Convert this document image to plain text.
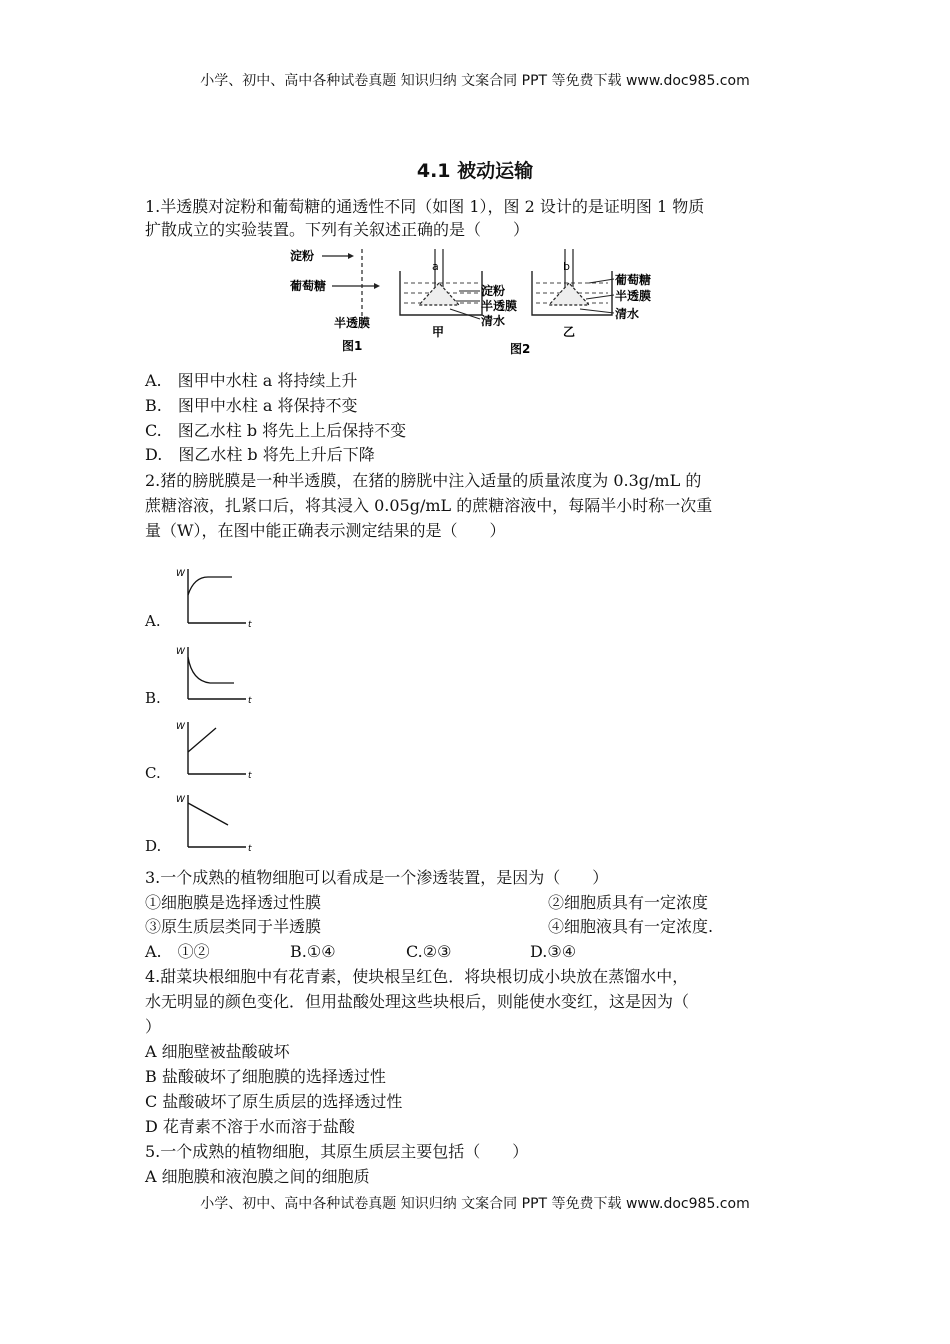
小学、初中、高中各种试卷真题 知识归纳 文案合同 PPT 等免费下载 www.doc985.com
小学、初中、高中各种试卷真题 知识归纳 文案合同 PPT 等免费下载 www.doc985.com
4.1 被动运输
1.半透膜对淀粉和葡萄糖的通透性不同（如图 1），图 2 设计的是证明图 1 物质
扩散成立的实验装置。下列有关叙述正确的是（　　）
淀粉
葡萄糖
半透膜
图1
a
淀粉
半透膜
清水
甲
b
葡萄糖
半透膜
清水
乙
图2
A.　图甲中水柱 a 将持续上升
B.　图甲中水柱 a 将保持不变
C.　图乙水柱 b 将先上上后保持不变
D.　图乙水柱 b 将先上升后下降
2.猪的膀胱膜是一种半透膜，在猪的膀胱中注入适量的质量浓度为 0.3g/mL 的
蔗糖溶液，扎紧口后，将其浸入 0.05g/mL 的蔗糖溶液中，每隔半小时称一次重
量（W），在图中能正确表示测定结果的是（　　）
A.
W
t
B.
W
t
C.
W
t
D.
W
t
3.一个成熟的植物细胞可以看成是一个渗透装置，是因为（　　）
①细胞膜是选择透过性膜	②细胞质具有一定浓度
③原生质层类同于半透膜	④细胞液具有一定浓度.
A.　①②	B.①④	C.②③	D.③④
4.甜菜块根细胞中有花青素，使块根呈红色．将块根切成小块放在蒸馏水中，
水无明显的颜色变化．但用盐酸处理这些块根后，则能使水变红，这是因为（
）
A 细胞壁被盐酸破坏
B 盐酸破坏了细胞膜的选择透过性
C 盐酸破坏了原生质层的选择透过性
D 花青素不溶于水而溶于盐酸
5.一个成熟的植物细胞，其原生质层主要包括（　　）
A 细胞膜和液泡膜之间的细胞质
